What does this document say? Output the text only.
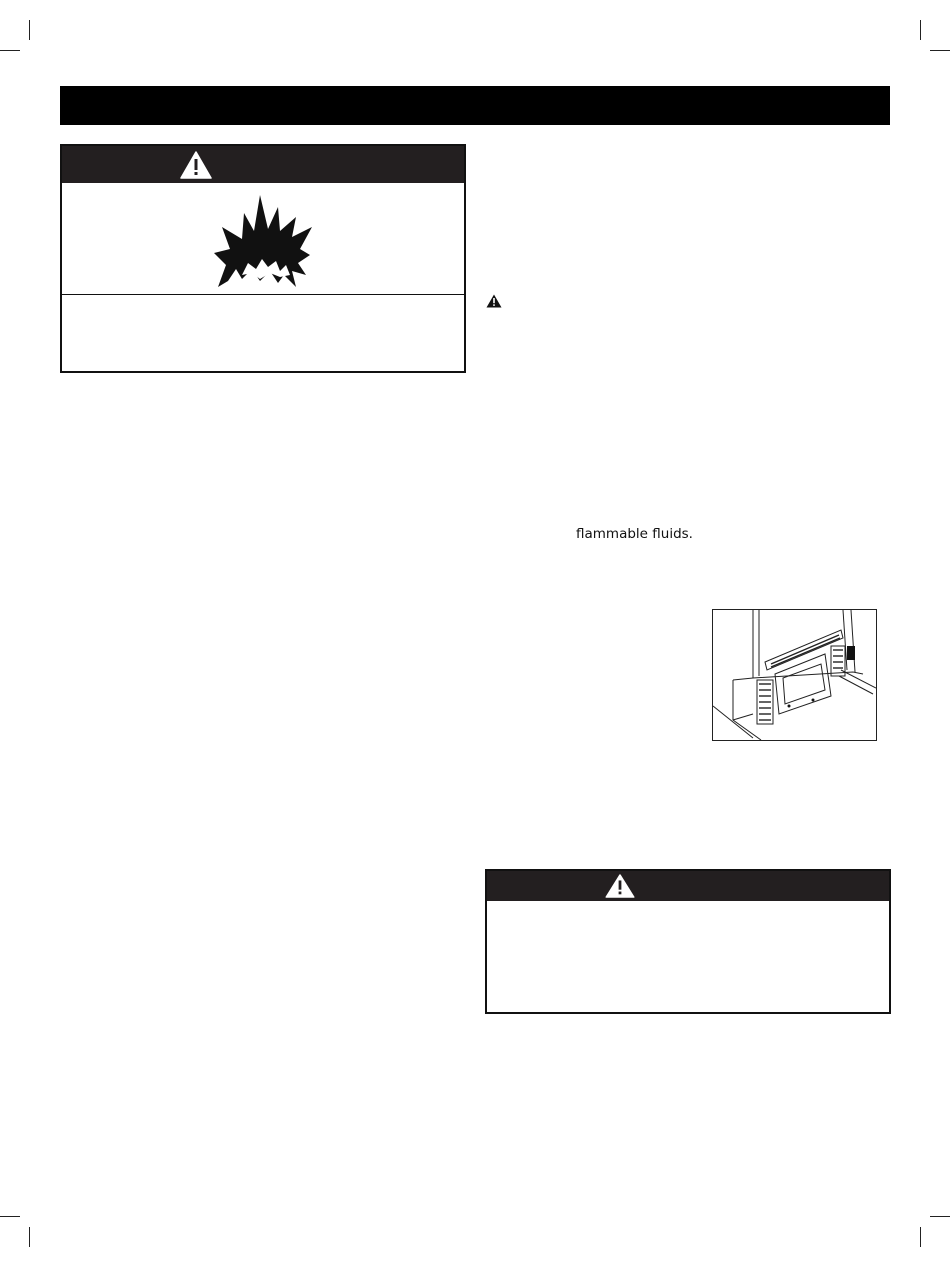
flammable fluids.
